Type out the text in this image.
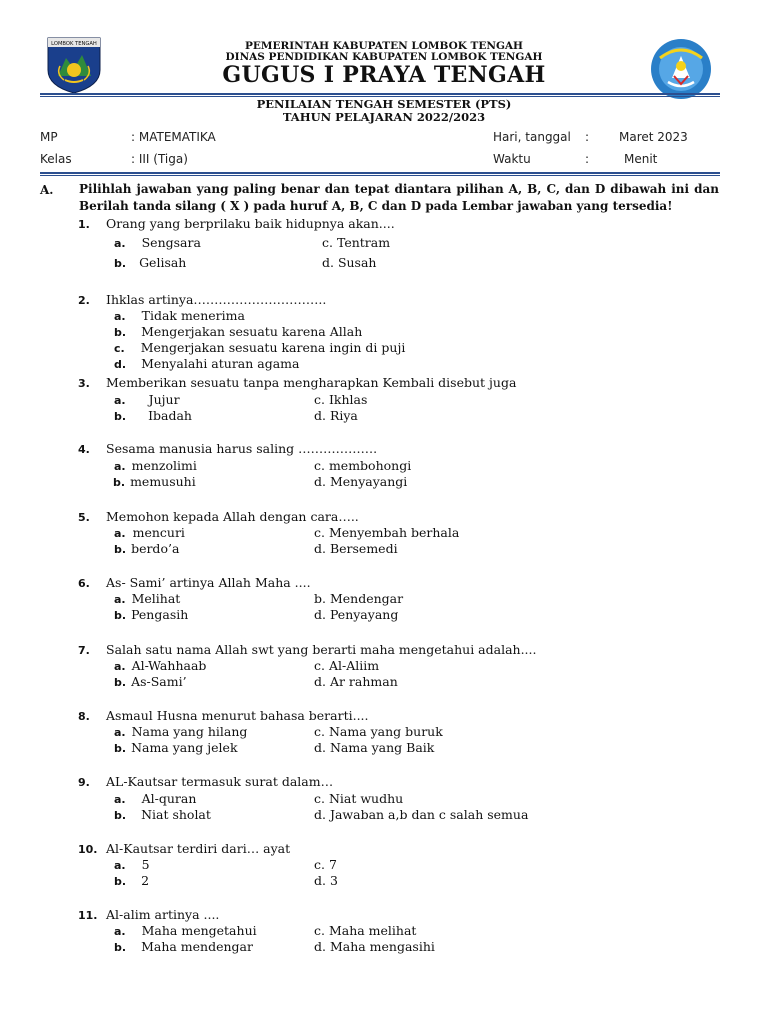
LOMBOK TENGAH	PEMERINTAH KABUPATEN LOMBOK TENGAH
DINAS PENDIDIKAN KABUPATEN LOMBOK TENGAH
GUGUS I PRAYA TENGAH
PENILAIAN TENGAH SEMESTER (PTS)
TAHUN PELAJARAN 2022/2023
MP	: MATEMATIKA	Hari, tanggal : Maret 2023
Kelas	: III (Tiga)	Waktu	:	Menit
A. Pilihlah jawaban yang paling benar dan tepat diantara pilihan A, B, C, dan D dibawah ini dan Berilah tanda silang ( X ) pada huruf A, B, C dan D pada Lembar jawaban yang tersedia!
1. Orang yang berprilaku baik hidupnya akan....
a. Sengsara
b. Gelisah
c. Tentram
d. Susah
2. Ihklas artinya…………………………..
a. Tidak menerima
b. Mengerjakan sesuatu karena Allah
c. Mengerjakan sesuatu karena ingin di puji
d. Menyalahi aturan agama
3. Memberikan sesuatu tanpa mengharapkan Kembali disebut juga
a. Jujur
b. Ibadah
c. Ikhlas
d. Riya
4. Sesama manusia harus saling ……………….
a. menzolimi
b. memusuhi
c. membohongi
d. Menyayangi
5. Memohon kepada Allah dengan cara…..
a. mencuri
b. berdo’a
c. Menyembah berhala
d. Bersemedi
6. As- Sami’ artinya Allah Maha ....
a. Melihat
b. Pengasih
b. Mendengar
d. Penyayang
7. Salah satu nama Allah swt yang berarti maha mengetahui adalah....
a. Al-Wahhaab
b. As-Sami’
c. Al-Aliim
d. Ar rahman
8. Asmaul Husna menurut bahasa berarti....
a. Nama yang hilang
b. Nama yang jelek
c. Nama yang buruk
d. Nama yang Baik
9. AL-Kautsar termasuk surat dalam…
a. Al-quran
b. Niat sholat
c. Niat wudhu
d. Jawaban a,b dan c salah semua
10. Al-Kautsar terdiri dari… ayat
a. 5
b. 2
c. 7
d. 3
11. Al-alim artinya ....
a. Maha mengetahui
b. Maha mendengar
c. Maha melihat
d. Maha mengasihi
